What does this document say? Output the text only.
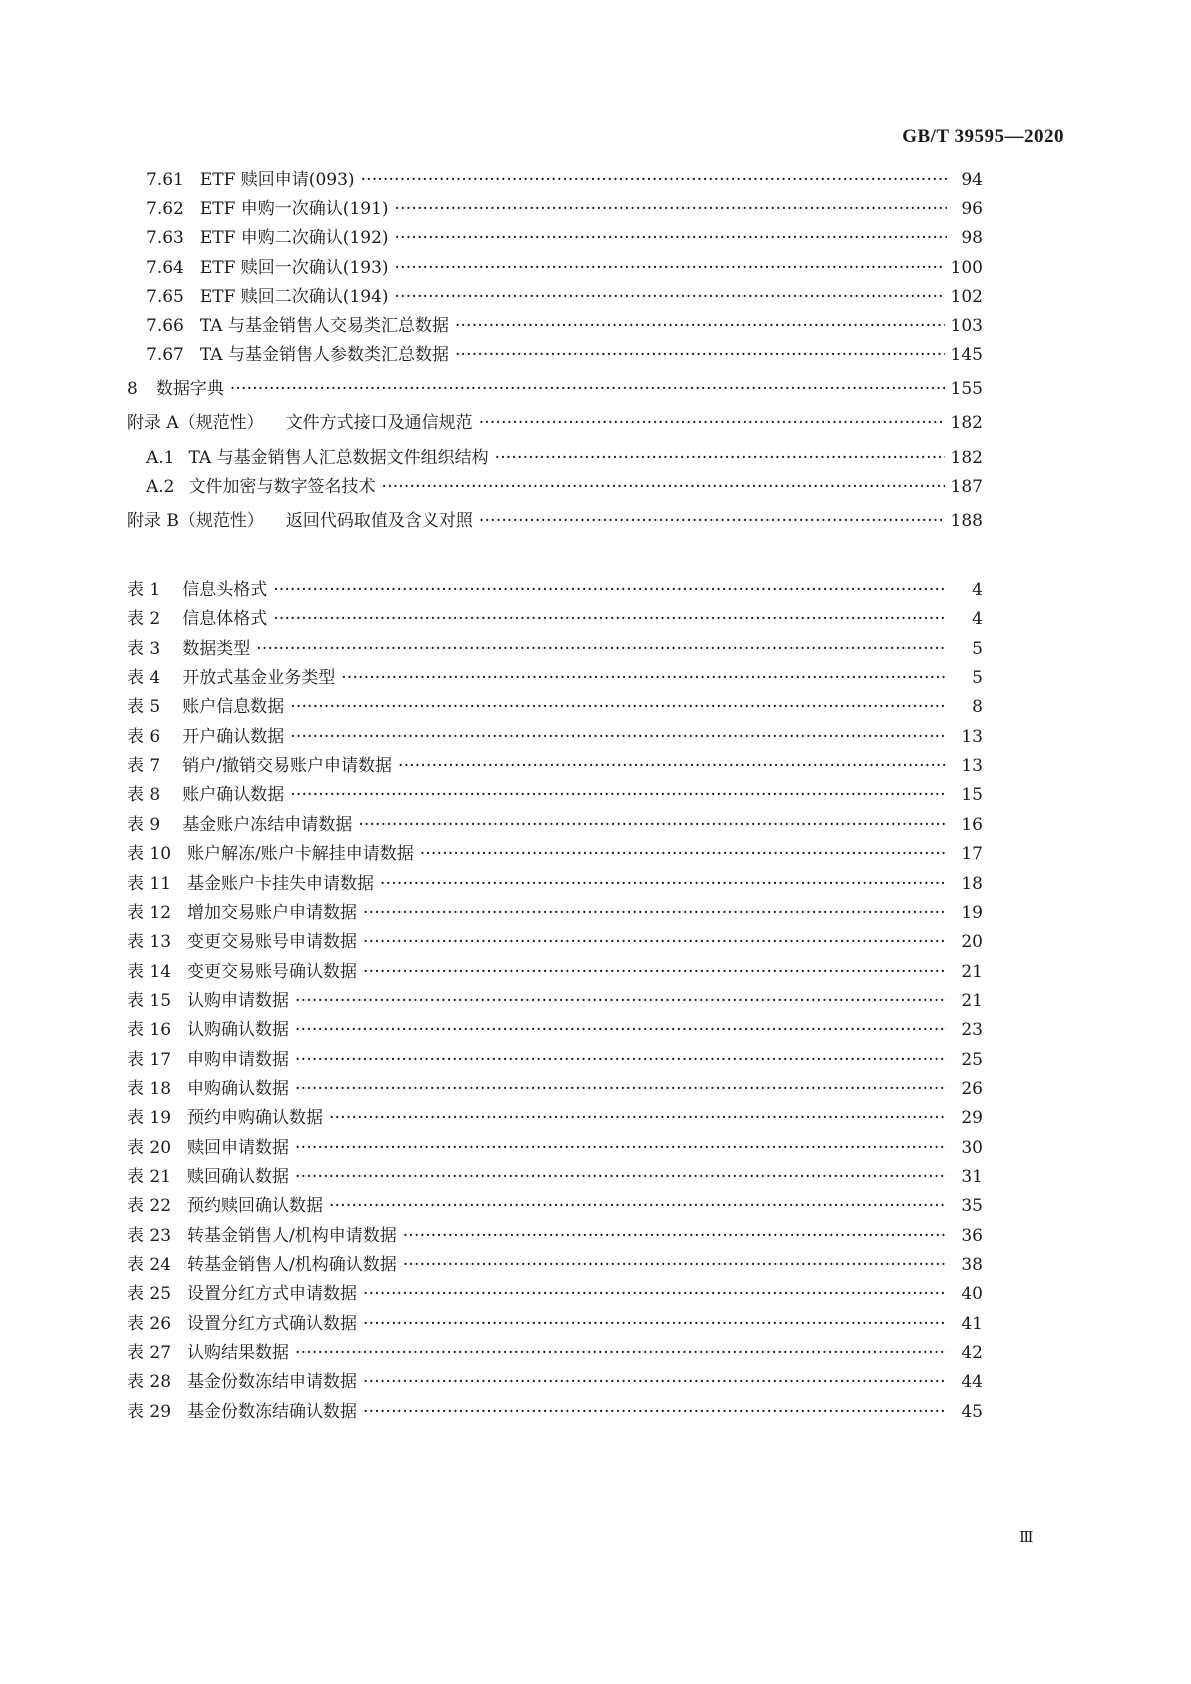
GB/T 39595—2020
7.61 ETF 赎回申请(093) ·····	94
7.62 ETF 申购一次确认(191) ·····	96
7.63 ETF 申购二次确认(192) ·····	98
7.64 ETF 赎回一次确认(193) ·····	100
7.65 ETF 赎回二次确认(194) ·····	102
7.66 TA 与基金销售人交易类汇总数据 ·····	103
7.67 TA 与基金销售人参数类汇总数据 ·····	145
8 数据字典 ·····	155
附录 A（规范性） 文件方式接口及通信规范 ·····	182
A.1 TA 与基金销售人汇总数据文件组织结构 ·····	182
A.2 文件加密与数字签名技术 ·····	187
附录 B（规范性） 返回代码取值及含义对照 ·····	188
表 1 信息头格式 ·····	4
表 2 信息体格式 ·····	4
表 3 数据类型 ·····	5
表 4 开放式基金业务类型 ·····	5
表 5 账户信息数据 ·····	8
表 6 开户确认数据 ·····	13
表 7 销户/撤销交易账户申请数据 ·····	13
表 8 账户确认数据 ·····	15
表 9 基金账户冻结申请数据 ·····	16
表 10 账户解冻/账户卡解挂申请数据 ·····	17
表 11 基金账户卡挂失申请数据 ·····	18
表 12 增加交易账户申请数据 ·····	19
表 13 变更交易账号申请数据 ·····	20
表 14 变更交易账号确认数据 ·····	21
表 15 认购申请数据 ·····	21
表 16 认购确认数据 ·····	23
表 17 申购申请数据 ·····	25
表 18 申购确认数据 ·····	26
表 19 预约申购确认数据 ·····	29
表 20 赎回申请数据 ·····	30
表 21 赎回确认数据 ·····	31
表 22 预约赎回确认数据 ·····	35
表 23 转基金销售人/机构申请数据 ·····	36
表 24 转基金销售人/机构确认数据 ·····	38
表 25 设置分红方式申请数据 ·····	40
表 26 设置分红方式确认数据 ·····	41
表 27 认购结果数据 ·····	42
表 28 基金份数冻结申请数据 ·····	44
表 29 基金份数冻结确认数据 ·····	45
Ⅲ
